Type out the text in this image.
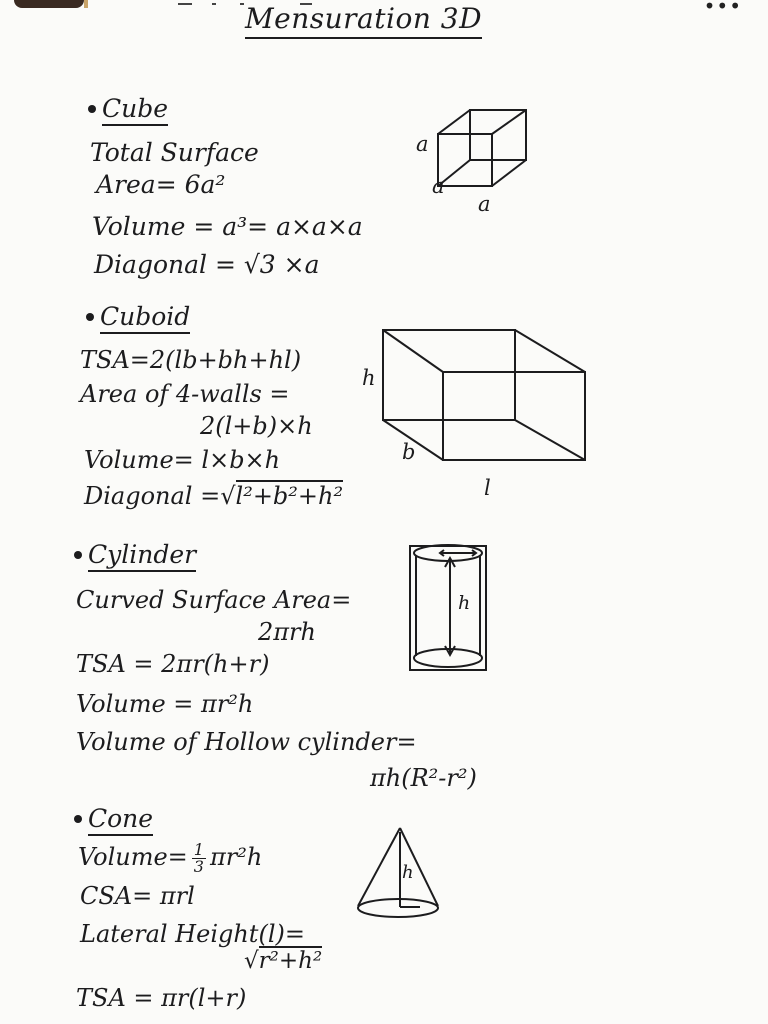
•••
Mensuration 3D
Cube
Total Surface
Area= 6a²
Volume = a³= a×a×a
Diagonal = √3 ×a
a
a
a
Cuboid
TSA=2(lb+bh+hl)
Area of 4-walls =
2(l+b)×h
Volume= l×b×h
Diagonal =√l²+b²+h²
h
b
l
Cylinder
Curved Surface Area=
2πrh
TSA = 2πr(h+r)
Volume = πr²h
Volume of Hollow cylinder=
πh(R²-r²)
h
Cone
Volume= $\frac{1}{3} \pi r^2h$
CSA= πrl
Lateral Height(l)=
√r²+h²
TSA = πr(l+r)
h
